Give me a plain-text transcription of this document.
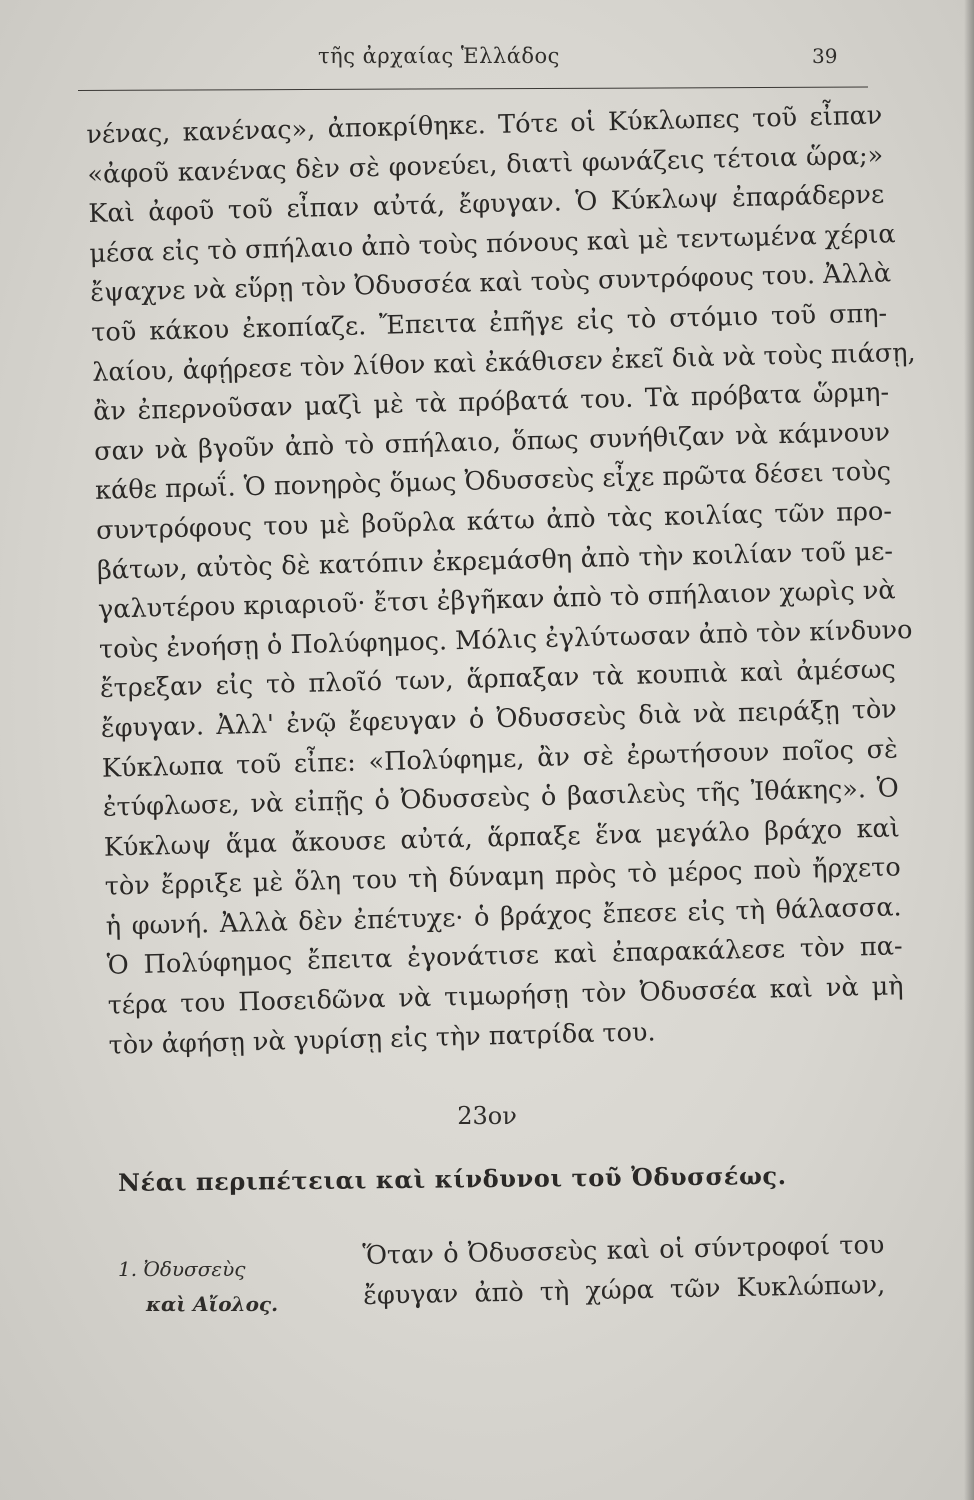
τῆς ἀρχαίας Ἑλλάδος	39
νένας, κανένας», ἀποκρίθηκε. Τότε οἱ Κύκλωπες τοῦ εἶπαν
«ἀφοῦ κανένας δὲν σὲ φονεύει, διατὶ φωνάζεις τέτοια ὥρα;»
Καὶ ἀφοῦ τοῦ εἶπαν αὐτά, ἔφυγαν. Ὁ Κύκλωψ ἐπαράδερνε
μέσα εἰς τὸ σπήλαιο ἀπὸ τοὺς πόνους καὶ μὲ τεντωμένα χέρια
ἔψαχνε νὰ εὕρῃ τὸν Ὀδυσσέα καὶ τοὺς συντρόφους του. Ἀλλὰ
τοῦ κάκου ἐκοπίαζε. Ἔπειτα ἐπῆγε εἰς τὸ στόμιο τοῦ σπη-
λαίου, ἀφῄρεσε τὸν λίθον καὶ ἐκάθισεν ἐκεῖ διὰ νὰ τοὺς πιάσῃ,
ἂν ἐπερνοῦσαν μαζὶ μὲ τὰ πρόβατά του. Τὰ πρόβατα ὥρμη-
σαν νὰ βγοῦν ἀπὸ τὸ σπήλαιο, ὅπως συνήθιζαν νὰ κάμνουν
κάθε πρωΐ. Ὁ πονηρὸς ὅμως Ὀδυσσεὺς εἶχε πρῶτα δέσει τοὺς
συντρόφους του μὲ βοῦρλα κάτω ἀπὸ τὰς κοιλίας τῶν προ-
βάτων, αὐτὸς δὲ κατόπιν ἐκρεμάσθη ἀπὸ τὴν κοιλίαν τοῦ με-
γαλυτέρου κριαριοῦ· ἔτσι ἐβγῆκαν ἀπὸ τὸ σπήλαιον χωρὶς νὰ
τοὺς ἐνοήσῃ ὁ Πολύφημος. Μόλις ἐγλύτωσαν ἀπὸ τὸν κίνδυνο
ἔτρεξαν εἰς τὸ πλοῖό των, ἅρπαξαν τὰ κουπιὰ καὶ ἀμέσως
ἔφυγαν. Ἀλλ' ἐνῷ ἔφευγαν ὁ Ὀδυσσεὺς διὰ νὰ πειράξῃ τὸν
Κύκλωπα τοῦ εἶπε: «Πολύφημε, ἂν σὲ ἐρωτήσουν ποῖος σὲ
ἐτύφλωσε, νὰ εἰπῇς ὁ Ὀδυσσεὺς ὁ βασιλεὺς τῆς Ἰθάκης». Ὁ
Κύκλωψ ἅμα ἄκουσε αὐτά, ἅρπαξε ἕνα μεγάλο βράχο καὶ
τὸν ἔρριξε μὲ ὅλη του τὴ δύναμη πρὸς τὸ μέρος ποὺ ἤρχετο
ἡ φωνή. Ἀλλὰ δὲν ἐπέτυχε· ὁ βράχος ἔπεσε εἰς τὴ θάλασσα.
Ὁ Πολύφημος ἔπειτα ἐγονάτισε καὶ ἐπαρακάλεσε τὸν πα-
τέρα του Ποσειδῶνα νὰ τιμωρήσῃ τὸν Ὀδυσσέα καὶ νὰ μὴ
τὸν ἀφήσῃ νὰ γυρίσῃ εἰς τὴν πατρίδα του.
23ον
Νέαι περιπέτειαι καὶ κίνδυνοι τοῦ Ὀδυσσέως.
1. Ὀδυσσεὺς
καὶ Αἴολος.
Ὅταν ὁ Ὀδυσσεὺς καὶ οἱ σύντροφοί του
ἔφυγαν ἀπὸ τὴ χώρα τῶν Κυκλώπων,
